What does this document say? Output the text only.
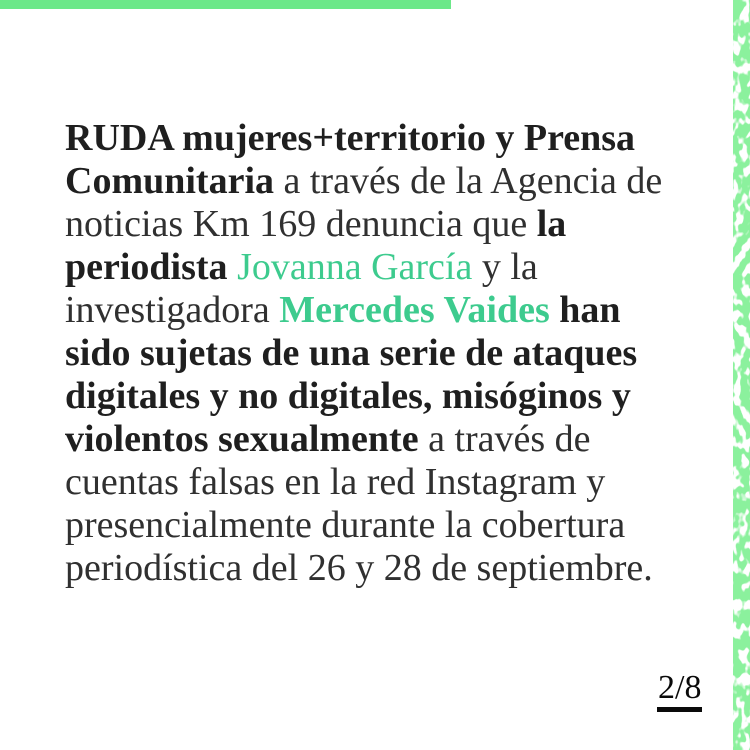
RUDA mujeres+territorio y Prensa
Comunitaria a través de la Agencia de
noticias Km 169 denuncia que la
periodista Jovanna García y la
investigadora Mercedes Vaides han
sido sujetas de una serie de ataques
digitales y no digitales, misóginos y
violentos sexualmente a través de
cuentas falsas en la red Instagram y
presencialmente durante la cobertura
periodística del 26 y 28 de septiembre.
2/8
